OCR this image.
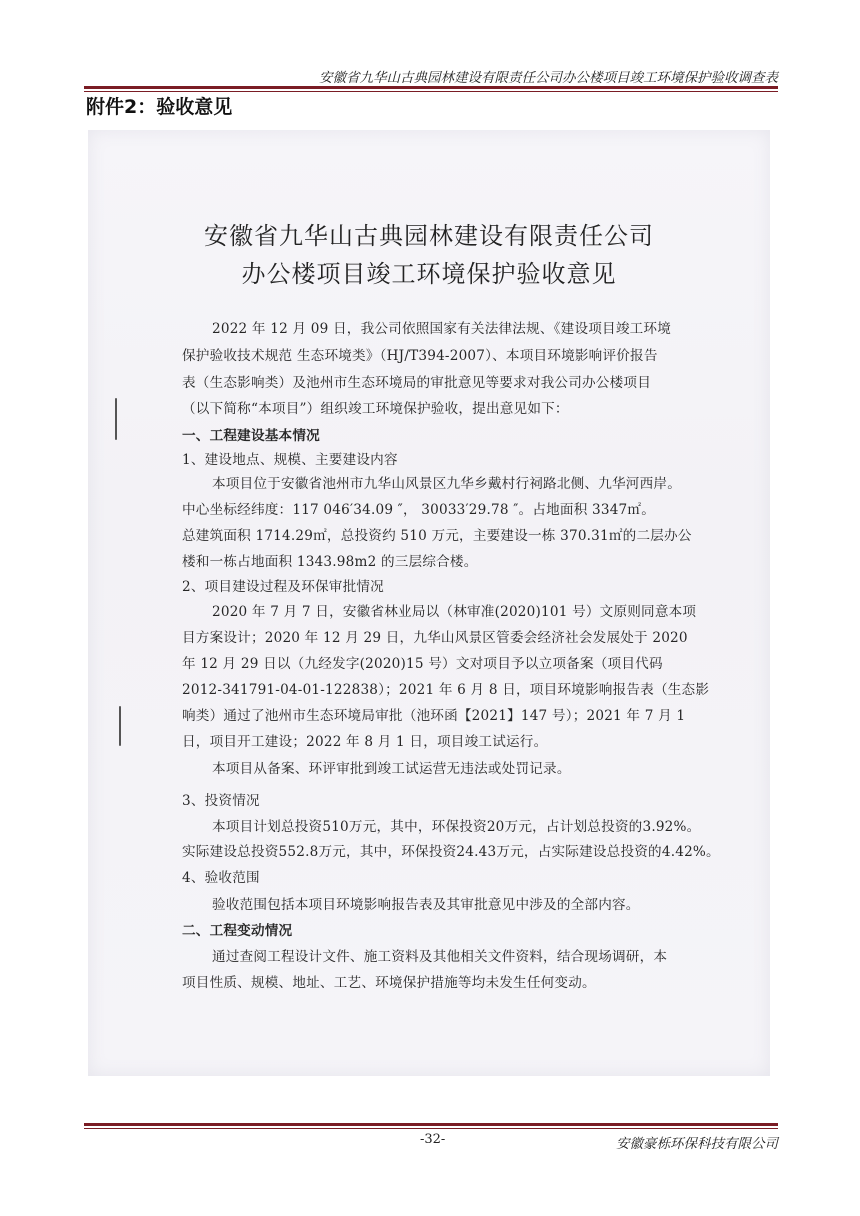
安徽省九华山古典园林建设有限责任公司办公楼项目竣工环境保护验收调查表
附件2：验收意见
安徽省九华山古典园林建设有限责任公司
办公楼项目竣工环境保护验收意见
2022 年 12 月 09 日，我公司依照国家有关法律法规、《建设项目竣工环境
保护验收技术规范 生态环境类》（HJ/T394-2007）、本项目环境影响评价报告
表（生态影响类）及池州市生态环境局的审批意见等要求对我公司办公楼项目
（以下简称“本项目”）组织竣工环境保护验收，提出意见如下：
一、工程建设基本情况
1、建设地点、规模、主要建设内容
本项目位于安徽省池州市九华山风景区九华乡戴村行祠路北侧、九华河西岸。
中心坐标经纬度：117 046′34.09 ″， 30033′29.78 ″。占地面积 3347㎡。
总建筑面积 1714.29㎡，总投资约 510 万元，主要建设一栋 370.31㎡的二层办公
楼和一栋占地面积 1343.98m2 的三层综合楼。
2、项目建设过程及环保审批情况
2020 年 7 月 7 日，安徽省林业局以（林审准(2020)101 号）文原则同意本项
目方案设计；2020 年 12 月 29 日，九华山风景区管委会经济社会发展处于 2020
年 12 月 29 日以（九经发字(2020)15 号）文对项目予以立项备案（项目代码
2012-341791-04-01-122838）；2021 年 6 月 8 日，项目环境影响报告表（生态影
响类）通过了池州市生态环境局审批（池环函【2021】147 号）；2021 年 7 月 1
日，项目开工建设；2022 年 8 月 1 日，项目竣工试运行。
本项目从备案、环评审批到竣工试运营无违法或处罚记录。
3、投资情况
本项目计划总投资510万元，其中，环保投资20万元，占计划总投资的3.92%。
实际建设总投资552.8万元，其中，环保投资24.43万元，占实际建设总投资的4.42%。
4、验收范围
验收范围包括本项目环境影响报告表及其审批意见中涉及的全部内容。
二、工程变动情况
通过查阅工程设计文件、施工资料及其他相关文件资料，结合现场调研，本
项目性质、规模、地址、工艺、环境保护措施等均未发生任何变动。
-32-	安徽豪栎环保科技有限公司
